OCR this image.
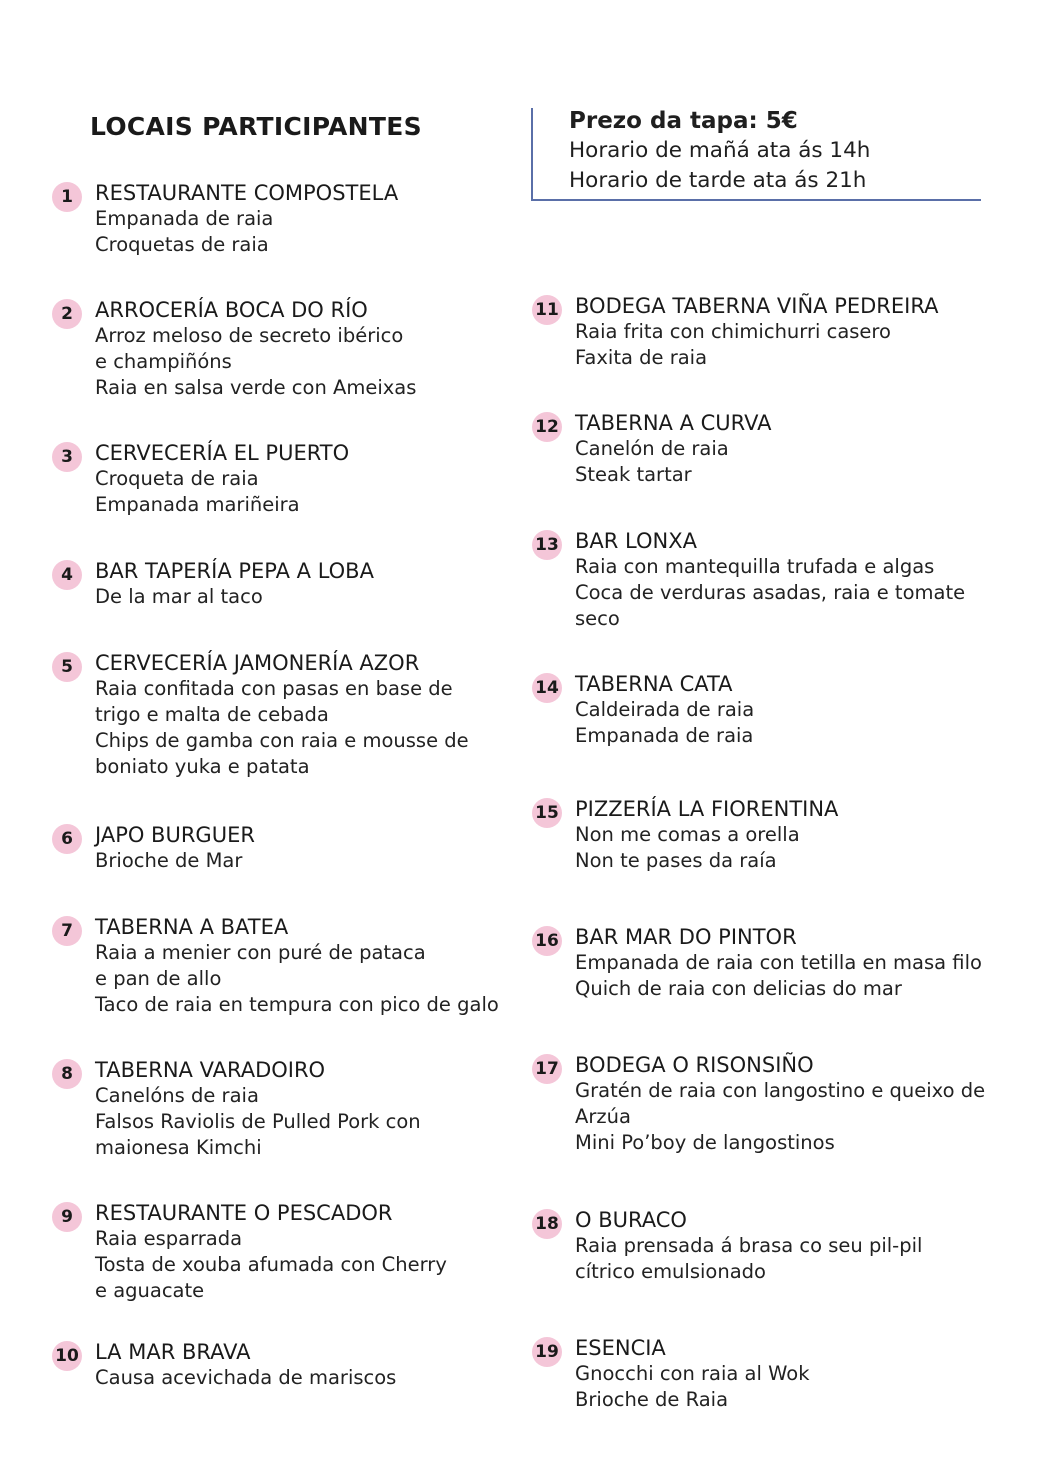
LOCAIS PARTICIPANTES	Prezo da tapa: 5€
Horario de mañá ata ás 14h
Horario de tarde ata ás 21h
1	RESTAURANTE COMPOSTELA
Empanada de raia
Croquetas de raia
2	ARROCERÍA BOCA DO RÍO
Arroz meloso de secreto ibérico
e champiñóns
Raia en salsa verde con Ameixas
3	CERVECERÍA EL PUERTO
Croqueta de raia
Empanada mariñeira
4	BAR TAPERÍA PEPA A LOBA
De la mar al taco
5	CERVECERÍA JAMONERÍA AZOR
Raia confitada con pasas en base de
trigo e malta de cebada
Chips de gamba con raia e mousse de
boniato yuka e patata
6	JAPO BURGUER
Brioche de Mar
7	TABERNA A BATEA
Raia a menier con puré de pataca
e pan de allo
Taco de raia en tempura con pico de galo
8	TABERNA VARADOIRO
Canelóns de raia
Falsos Raviolis de Pulled Pork con
maionesa Kimchi
9	RESTAURANTE O PESCADOR
Raia esparrada
Tosta de xouba afumada con Cherry
e aguacate
10 LA MAR BRAVA
Causa acevichada de mariscos
11 BODEGA TABERNA VIÑA PEDREIRA
Raia frita con chimichurri casero
Faxita de raia
12 TABERNA A CURVA
Canelón de raia
Steak tartar
13 BAR LONXA
Raia con mantequilla trufada e algas
Coca de verduras asadas, raia e tomate
seco
14 TABERNA CATA
Caldeirada de raia
Empanada de raia
15 PIZZERÍA LA FIORENTINA
Non me comas a orella
Non te pases da raía
16 BAR MAR DO PINTOR
Empanada de raia con tetilla en masa filo
Quich de raia con delicias do mar
17 BODEGA O RISONSIÑO
Gratén de raia con langostino e queixo de
Arzúa
Mini Po’boy de langostinos
18 O BURACO
Raia prensada á brasa co seu pil-pil
cítrico emulsionado
19 ESENCIA
Gnocchi con raia al Wok
Brioche de Raia
